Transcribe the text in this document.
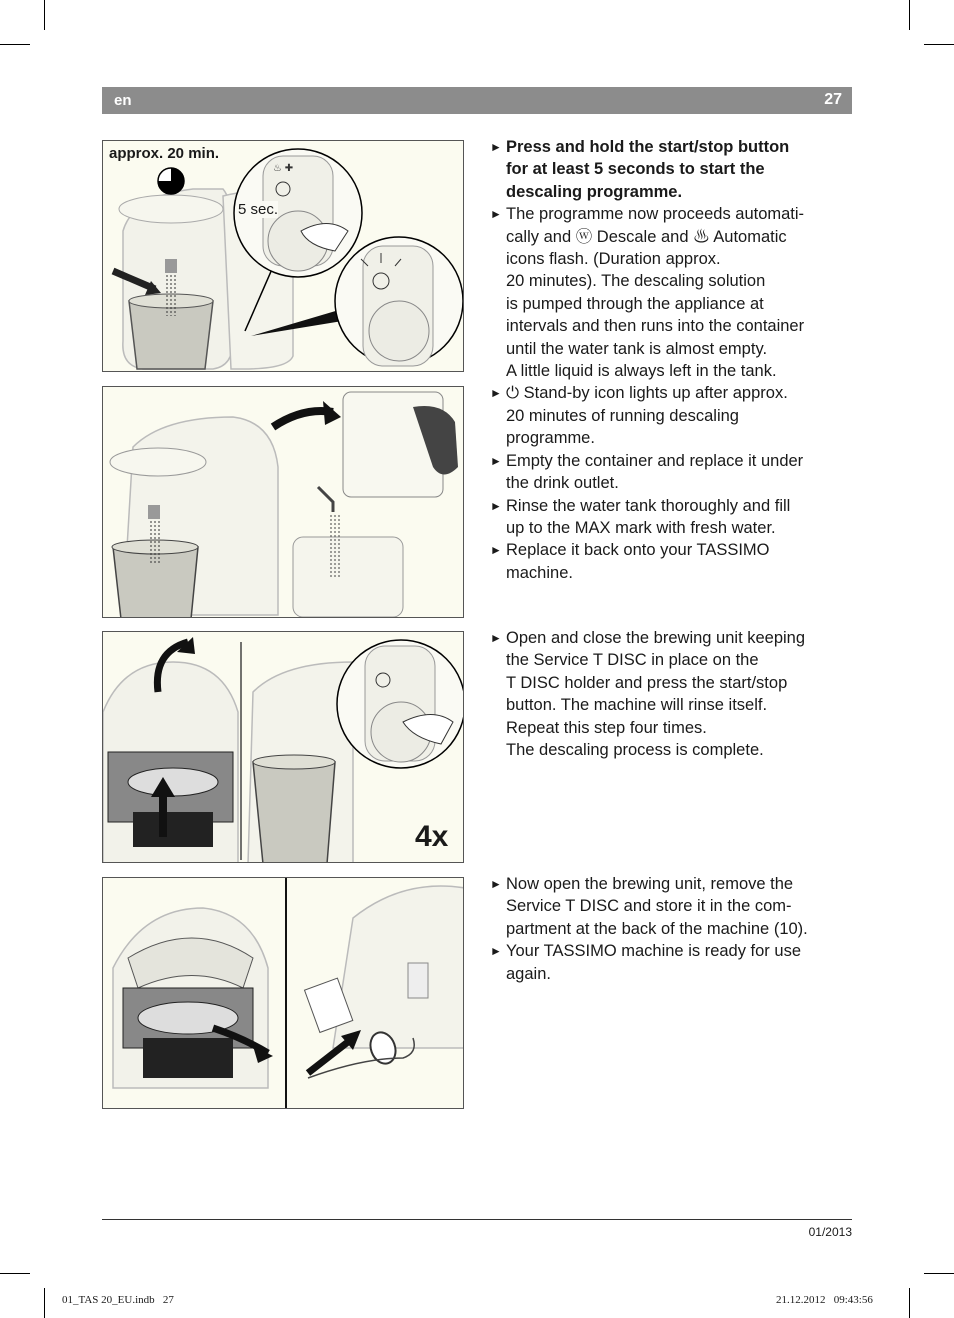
en	27
♨ ✚
approx. 20 min.
5 sec.
4x
► Press and hold the start/stop button
for at least 5 seconds to start the
descaling programme.
► The programme now proceeds automati-
cally and ⓦ Descale and ♨ Automatic
icons flash. (Duration approx.
20 minutes). The descaling solution
is pumped through the appliance at
intervals and then runs into the container
until the water tank is almost empty.
A little liquid is always left in the tank.
► ⏻ Stand-by icon lights up after approx.
20 minutes of running descaling
programme.
► Empty the container and replace it under
the drink outlet.
► Rinse the water tank thoroughly and fill
up to the MAX mark with fresh water.
► Replace it back onto your TASSIMO
machine.
► Open and close the brewing unit keeping
the Service T DISC in place on the
T DISC holder and press the start/stop
button. The machine will rinse itself.
Repeat this step four times.
The descaling process is complete.
► Now open the brewing unit, remove the
Service T DISC and store it in the com-
partment at the back of the machine (10).
► Your TASSIMO machine is ready for use
again.
01/2013
01_TAS 20_EU.indb   27	21.12.2012   09:43:56
